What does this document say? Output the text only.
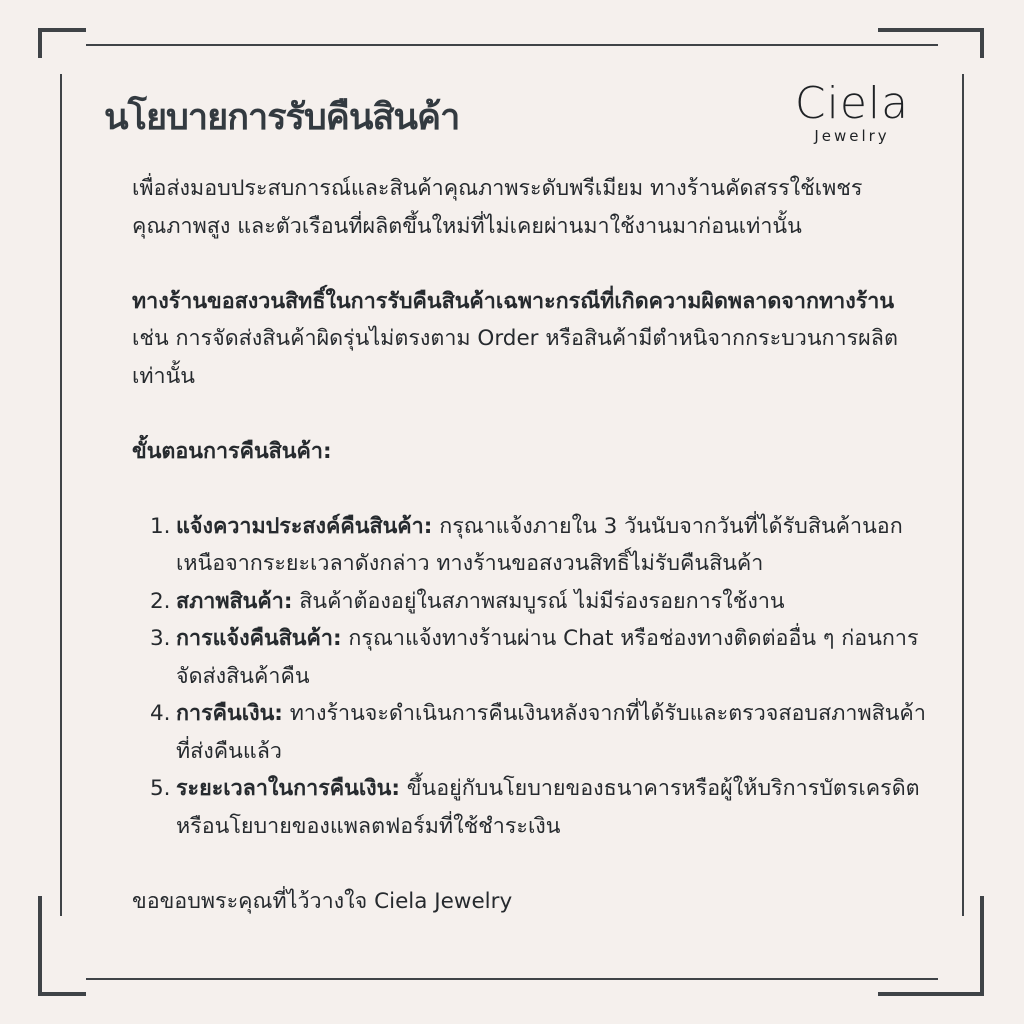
นโยบายการรับคืนสินค้า	Ciela
Jewelry

เพื่อส่งมอบประสบการณ์และสินค้าคุณภาพระดับพรีเมียม ทางร้านคัดสรรใช้เพชรคุณภาพสูง และตัวเรือนที่ผลิตขึ้นใหม่ที่ไม่เคยผ่านมาใช้งานมาก่อนเท่านั้น

ทางร้านขอสงวนสิทธิ์ในการรับคืนสินค้าเฉพาะกรณีที่เกิดความผิดพลาดจากทางร้าน เช่น การจัดส่งสินค้าผิดรุ่นไม่ตรงตาม Order หรือสินค้ามีตำหนิจากกระบวนการผลิตเท่านั้น

ขั้นตอนการคืนสินค้า:

1. แจ้งความประสงค์คืนสินค้า: กรุณาแจ้งภายใน 3 วันนับจากวันที่ได้รับสินค้านอกเหนือจากระยะเวลาดังกล่าว ทางร้านขอสงวนสิทธิ์ไม่รับคืนสินค้า
2. สภาพสินค้า: สินค้าต้องอยู่ในสภาพสมบูรณ์ ไม่มีร่องรอยการใช้งาน
3. การแจ้งคืนสินค้า: กรุณาแจ้งทางร้านผ่าน Chat หรือช่องทางติดต่ออื่น ๆ ก่อนการจัดส่งสินค้าคืน
4. การคืนเงิน: ทางร้านจะดำเนินการคืนเงินหลังจากที่ได้รับและตรวจสอบสภาพสินค้าที่ส่งคืนแล้ว
5. ระยะเวลาในการคืนเงิน: ขึ้นอยู่กับนโยบายของธนาคารหรือผู้ให้บริการบัตรเครดิต หรือนโยบายของแพลตฟอร์มที่ใช้ชำระเงิน

ขอขอบพระคุณที่ไว้วางใจ Ciela Jewelry
